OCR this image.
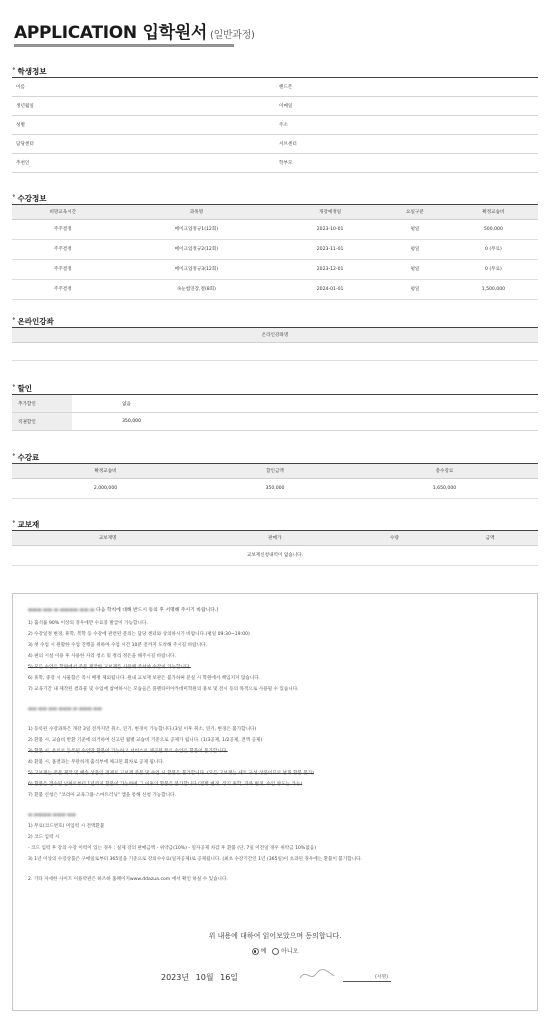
APPLICATION 입학원서 (일반과정)
˚ 학생정보
이름	핸드폰
생년월일	이메일
성별	주소
담당센터	서브센터
추천인	학부모
˚ 수강정보
희망교육시간	과목명	개강예정일	요일구분	확정교습비
주주결정	메이크업정규1(12회)	2023-10-01	평일	500,000
주주결정	메이크업정규2(12회)	2023-11-01	평일	0 (무료)
주주결정	메이크업정규3(12회)	2023-12-01	평일	0 (무료)
주주결정	속눈썹연장,컬(8회)	2024-01-01	평일	1,500,000
˚ 온라인강좌
온라인강좌명

˚ 할인
추가할인	없음
직권할인	350,000
˚ 수강료
확정교습비	할인금액	총수강료
2,000,000	350,000	1,650,000
˚ 교보재
교보재명	판매가	수량	금액
교보재신청내역이 없습니다.
▬▬▬ ▬▬ ▬ ▬▬▬▬ ▬▬ ▬ 다음 학칙에 대해 반드시 동의 후 서명해 주시기 바랍니다.)
1) 출석률 90% 이상의 경우에만 수료증 발급이 가능합니다.
2) 수강일정 변경, 휴학, 복학 등 수강에 관련된 문의는 담당 센터와 상의하시기 바랍니다.(평일 09:30~19:00)
3) 첫 수업 시 원활한 수업 진행을 위하여 수업 시간 10분 전까지 도착해 주시길 바랍니다.
4) 편의 시설 이용 후 사용한 자리 청소 및 정리 정돈을 해주시길 바랍니다.
5) 모든 수업은 학원에서 주문 제작한 교보재를 사용해 주셔야 수강이 가능합니다.
6) 휴학, 중강 시 사물함은 즉시 배정 제외됩니다. 원내 교보재 보관은 불가하며 분실 시 학원에서 책임지지 않습니다.
7) 교육기간 내 제작된 결과물 및 수업에 참여하시는 모습들은 플렌타미아카데미학원의 홍보 및 전시 등의 목적으로 사용될 수 있습니다.
▬▬ ▬▬ ▬▬ ▬▬▬ ▬ ▬▬▬ ▬▬
1) 등록된 수강과목은 개강 3일 전까지만 취소, 연기, 변경이 가능합니다.(3일 이후 취소, 연기, 변경은 불가합니다)
2) 환불 시, 교습비 반환 기준에 의거하여 신고된 월별 교습비 기준으로 공제가 됩니다. (1/3공제, 1/2공제, 전액 공제)
3) 환불 시, 유료로 등록된 수업만 환불이 가능하고 서비스로 제공된 무료 수업은 환불이 불가합니다.
4) 환불 시, 홈결과는 무관하게 출석부에 체크된 회차로 공제 됩니다.
5) 고보재는 주문 제작 및 배송 상품인 경제로 고보재 주문 및 수업 시 환불은 불가합니다. (모든 고보재는 세트 구성 상품이므로 낱개 환불 불가)
6) 환불은 접수된 날짜로부터 1년까지 환불이 가능하며 그 이후의 환불은 불가합니다.(질병 변경, 장기 휴학, 과목 변경, 수업 양도는 가능)
7) 환불 신청은 "코리아 교육그룹-스마트러닝" 앱을 통해 신청 가능합니다.
▬ ▬▬▬▬ ▬▬▬ ▬▬
1) 무료(코드번호) 미입력 시 전액환불
2) 코드 입력 시
- 코드 입력 후 강의 수강 이력이 있는 경우 : 실제 강의 판매금액 - 위약금(10%) - 일자공제 차감 후 환불 (단, 7일 이전일 경우 위약금 10%없음)
3) 1년 이상의 수강상품은 구매일로부터 365일을 기준으로 강의수수료(일자공제)로 공제됩니다. (최초 수강기간인 1년 (365일)이 초과된 경우에는 환불이 불가합니다.
2. 기타 자세한 사이트 이용약관은 하즈하 홈페이지www.ddazua.com 에서 확인 하실 수 있습니다.
위 내용에 대하여 읽어보았으며 동의합니다.
예 아니오
2023년 10월 16일	(서명)
